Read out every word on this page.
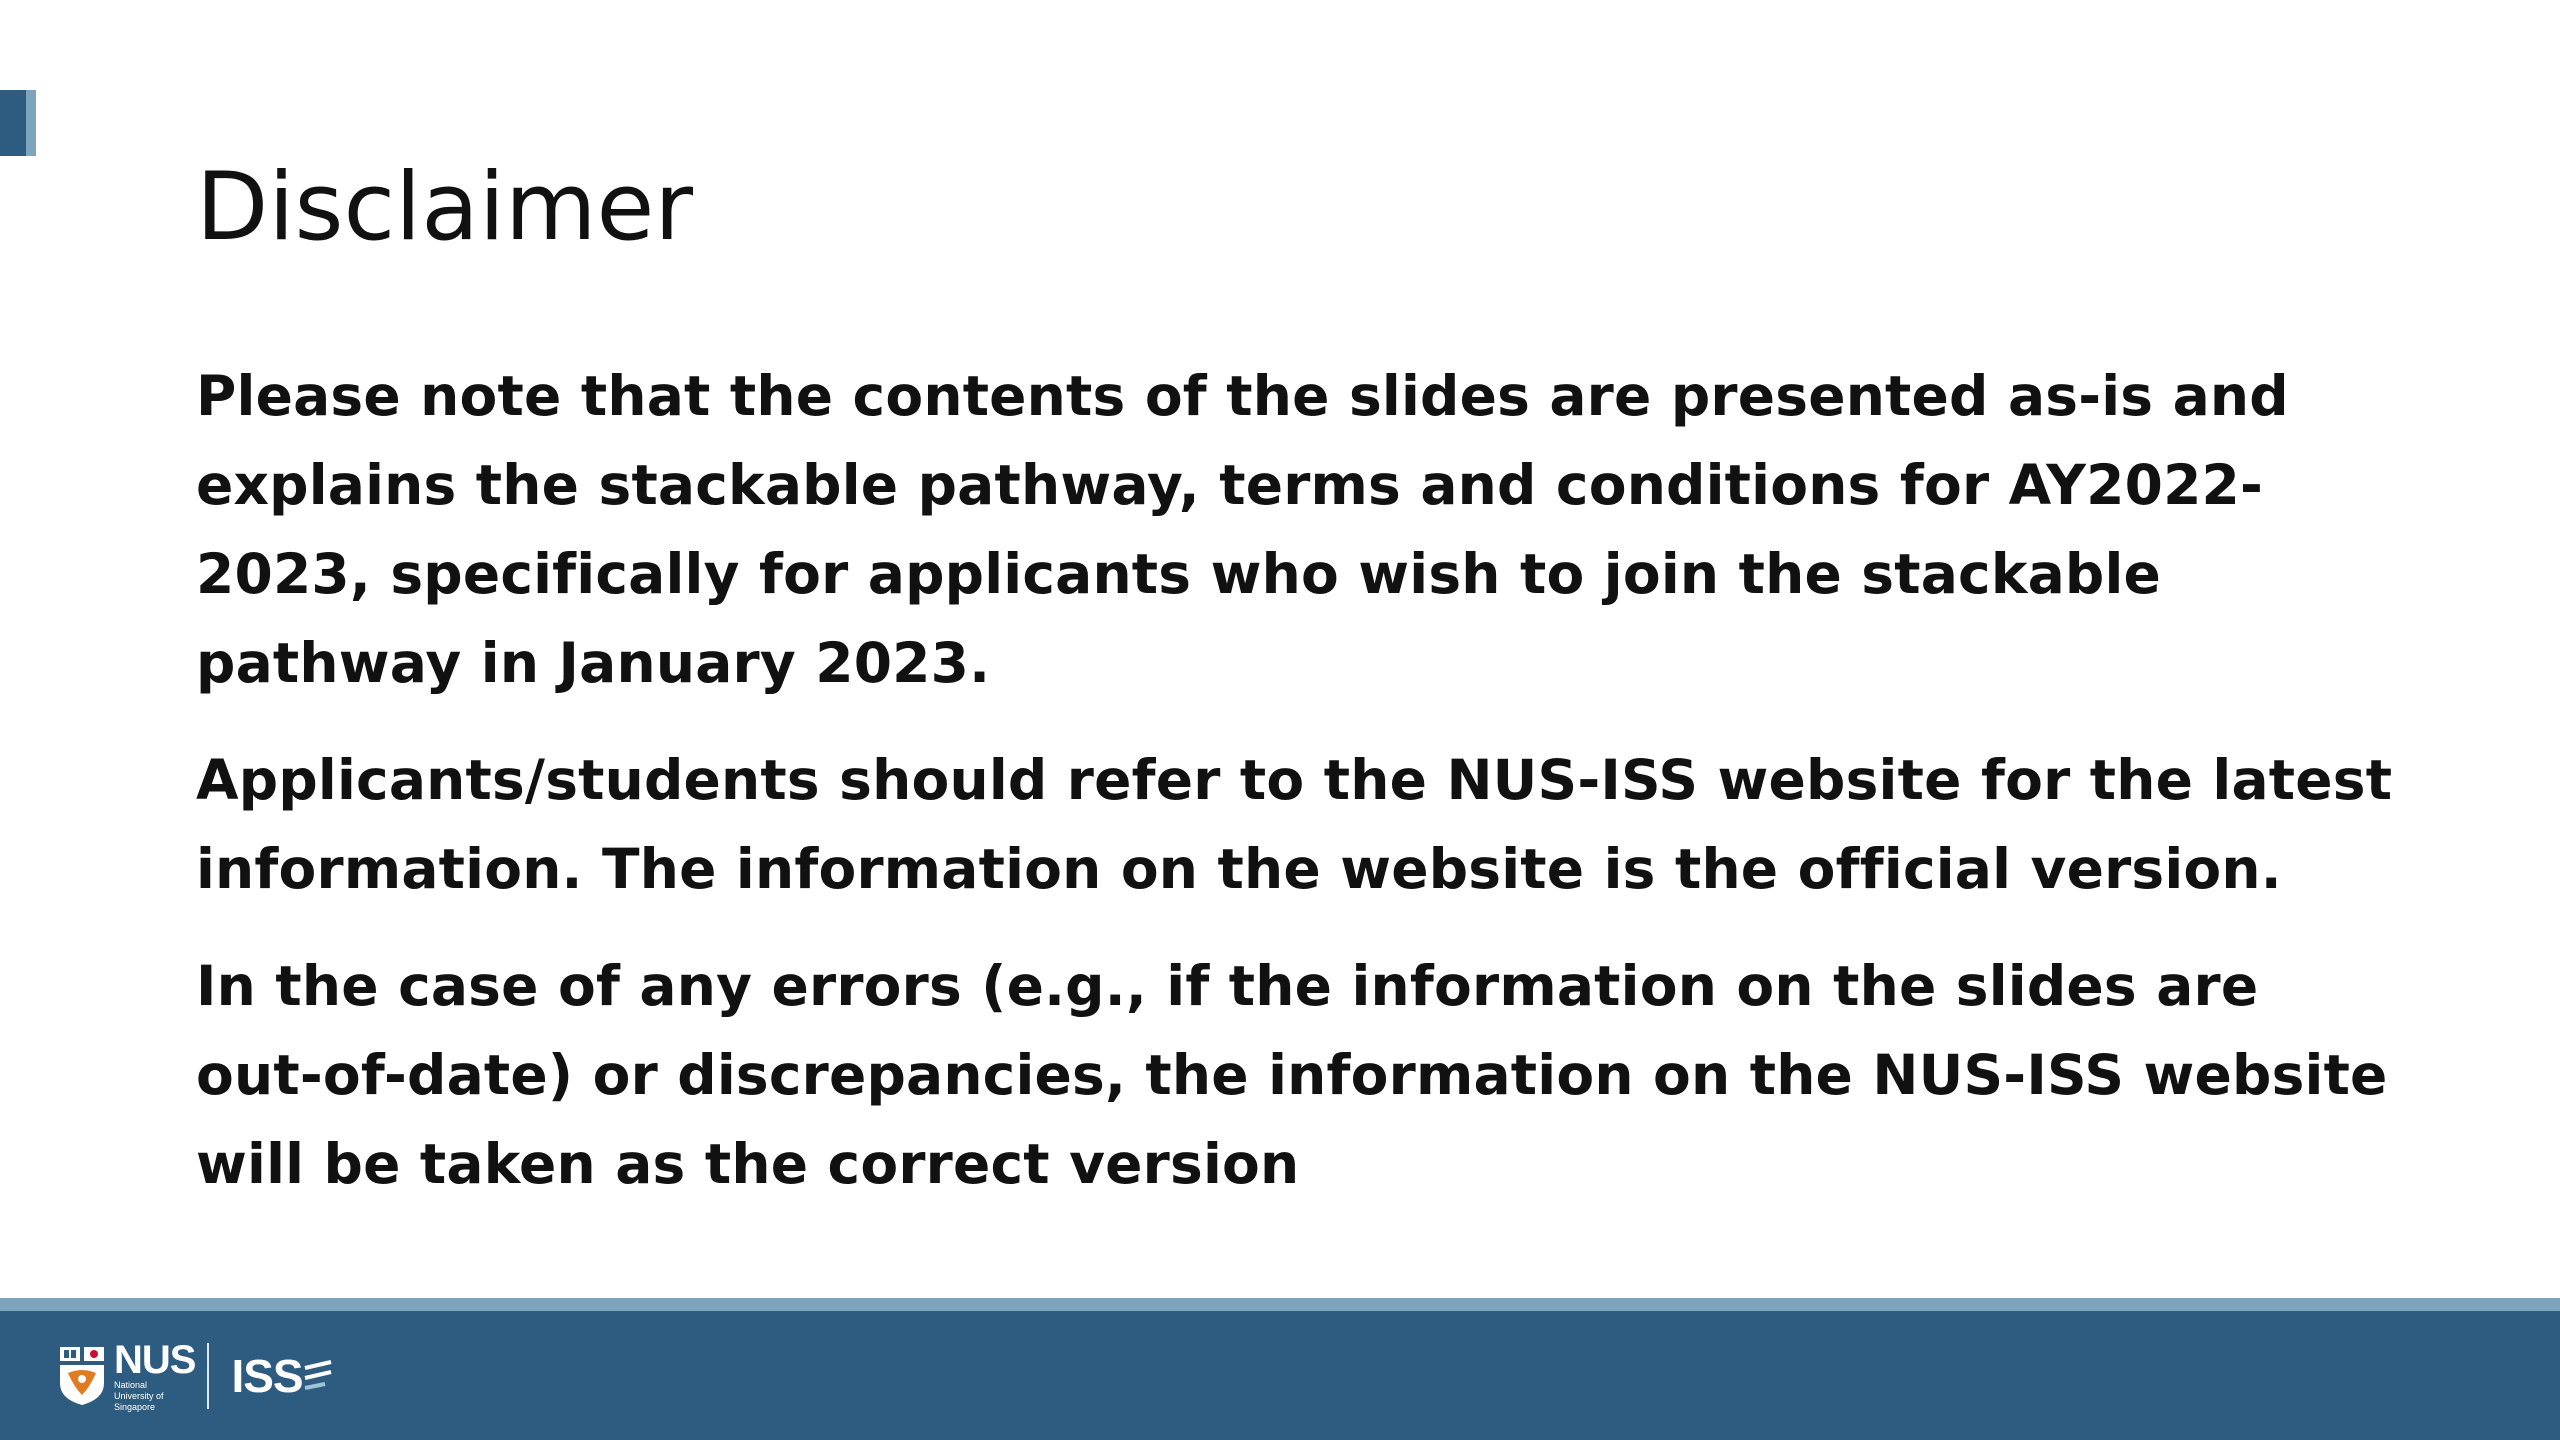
Disclaimer

Please note that the contents of the slides are presented as-is and explains the stackable pathway, terms and conditions for AY2022-2023, specifically for applicants who wish to join the stackable pathway in January 2023.

Applicants/students should refer to the NUS-ISS website for the latest information. The information on the website is the official version.

In the case of any errors (e.g., if the information on the slides are out-of-date) or discrepancies, the information on the NUS-ISS website will be taken as the correct version

NUS
National University of Singapore
ISS
